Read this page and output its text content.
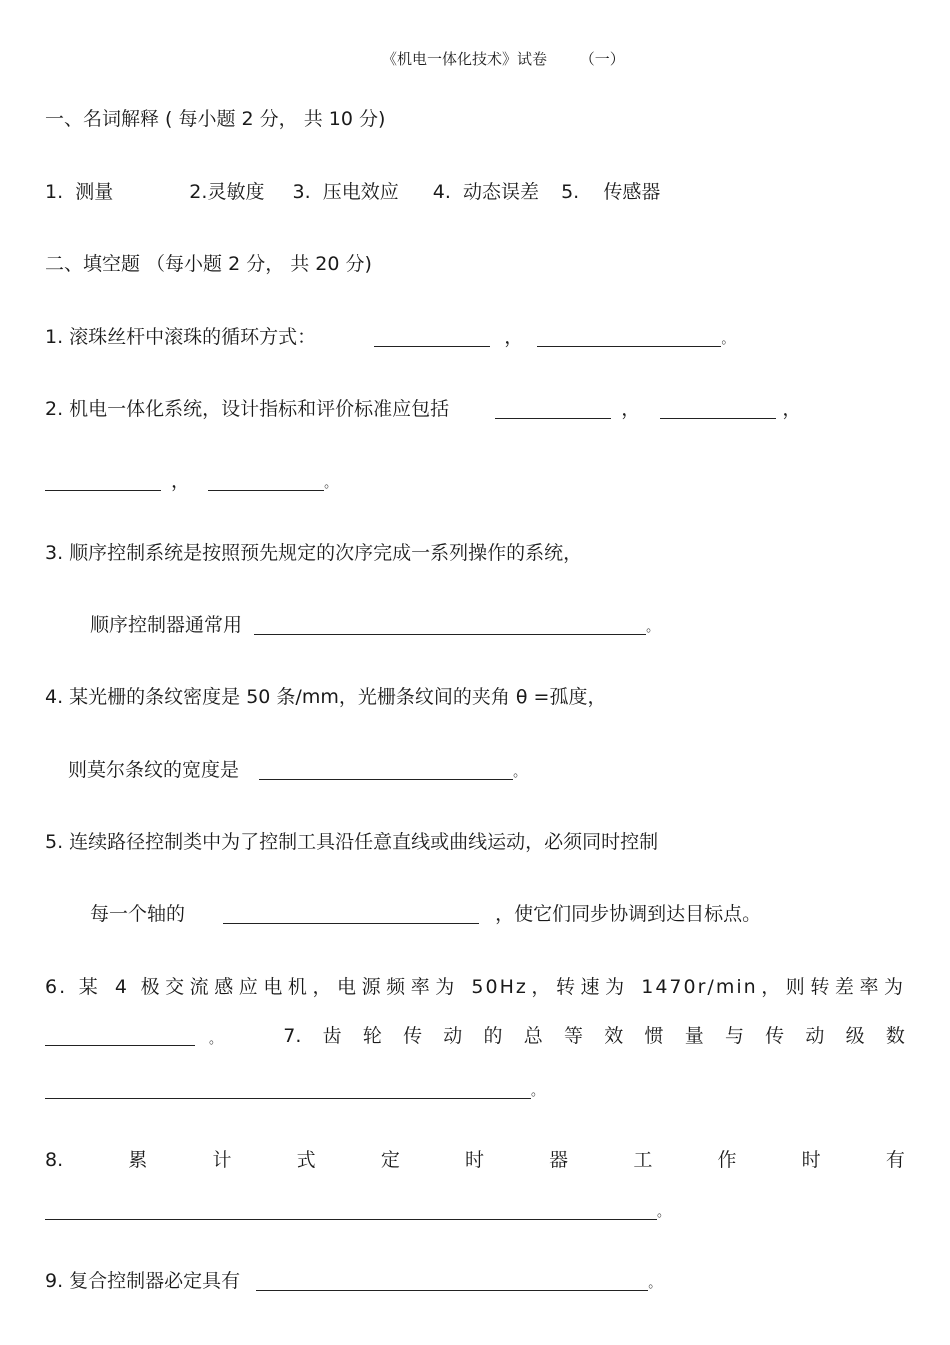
《机电一体化技术》试卷 （一）
一、名词解释 ( 每小题 2 分， 共 10 分)
1. 测量	2.灵敏度 3. 压电效应 4. 动态误差 5. 传感器
二、填空题 （每小题 2 分， 共 20 分)
1. 滚珠丝杆中滚珠的循环方式：	，	。
2. 机电一体化系统，设计指标和评价标准应包括	，	，
，	。
3. 顺序控制系统是按照预先规定的次序完成一系列操作的系统，
顺序控制器通常用	。
4. 某光栅的条纹密度是 50 条/mm，光栅条纹间的夹角 θ =孤度，
则莫尔条纹的宽度是	。
5. 连续路径控制类中为了控制工具沿任意直线或曲线运动，必须同时控制
每一个轴的	，使它们同步协调到达目标点。
6. 某 4 极交流感应电机，电源频率为 50Hz，转速为 1470r/min，则转差率为
。	7. 齿 轮 传 动 的 总 等 效 惯 量 与 传 动 级 数
。
8.	累	计	式	定	时	器	工	作	时	有
。
9. 复合控制器必定具有	。
